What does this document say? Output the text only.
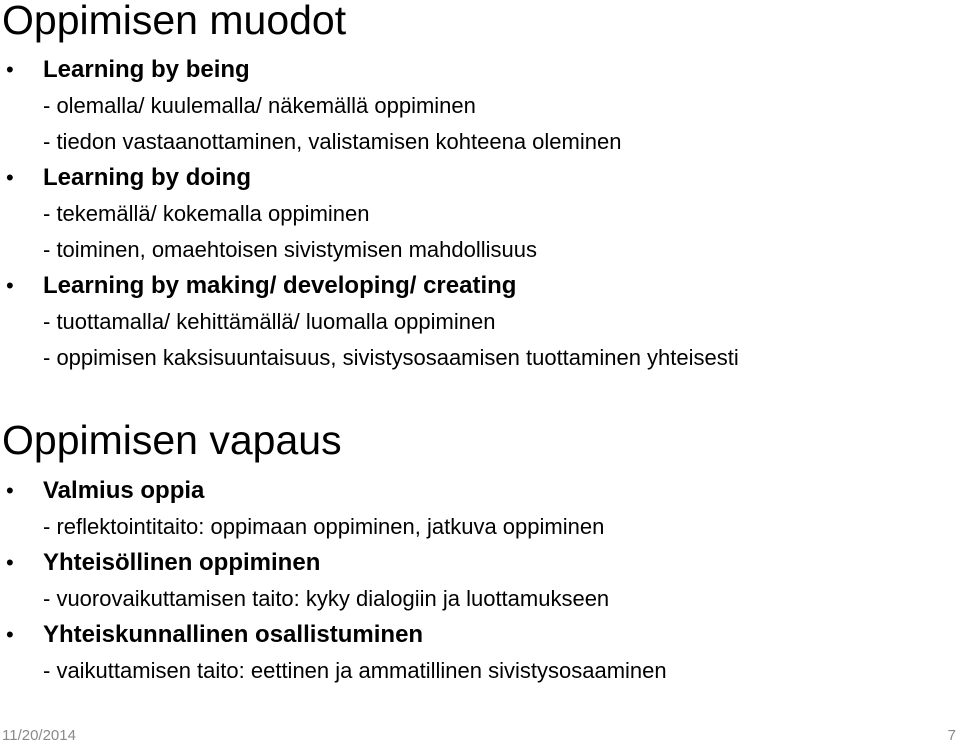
Oppimisen muodot
• Learning by being
- olemalla/ kuulemalla/ näkemällä oppiminen
- tiedon vastaanottaminen, valistamisen kohteena oleminen
• Learning by doing
- tekemällä/ kokemalla oppiminen
- toiminen, omaehtoisen sivistymisen mahdollisuus
• Learning by making/ developing/ creating
- tuottamalla/ kehittämällä/ luomalla oppiminen
- oppimisen kaksisuuntaisuus, sivistysosaamisen tuottaminen yhteisesti
Oppimisen vapaus
• Valmius oppia
- reflektointitaito: oppimaan oppiminen, jatkuva oppiminen
• Yhteisöllinen oppiminen
- vuorovaikuttamisen taito: kyky dialogiin ja luottamukseen
• Yhteiskunnallinen osallistuminen
- vaikuttamisen taito: eettinen ja ammatillinen sivistysosaaminen
11/20/2014	7
